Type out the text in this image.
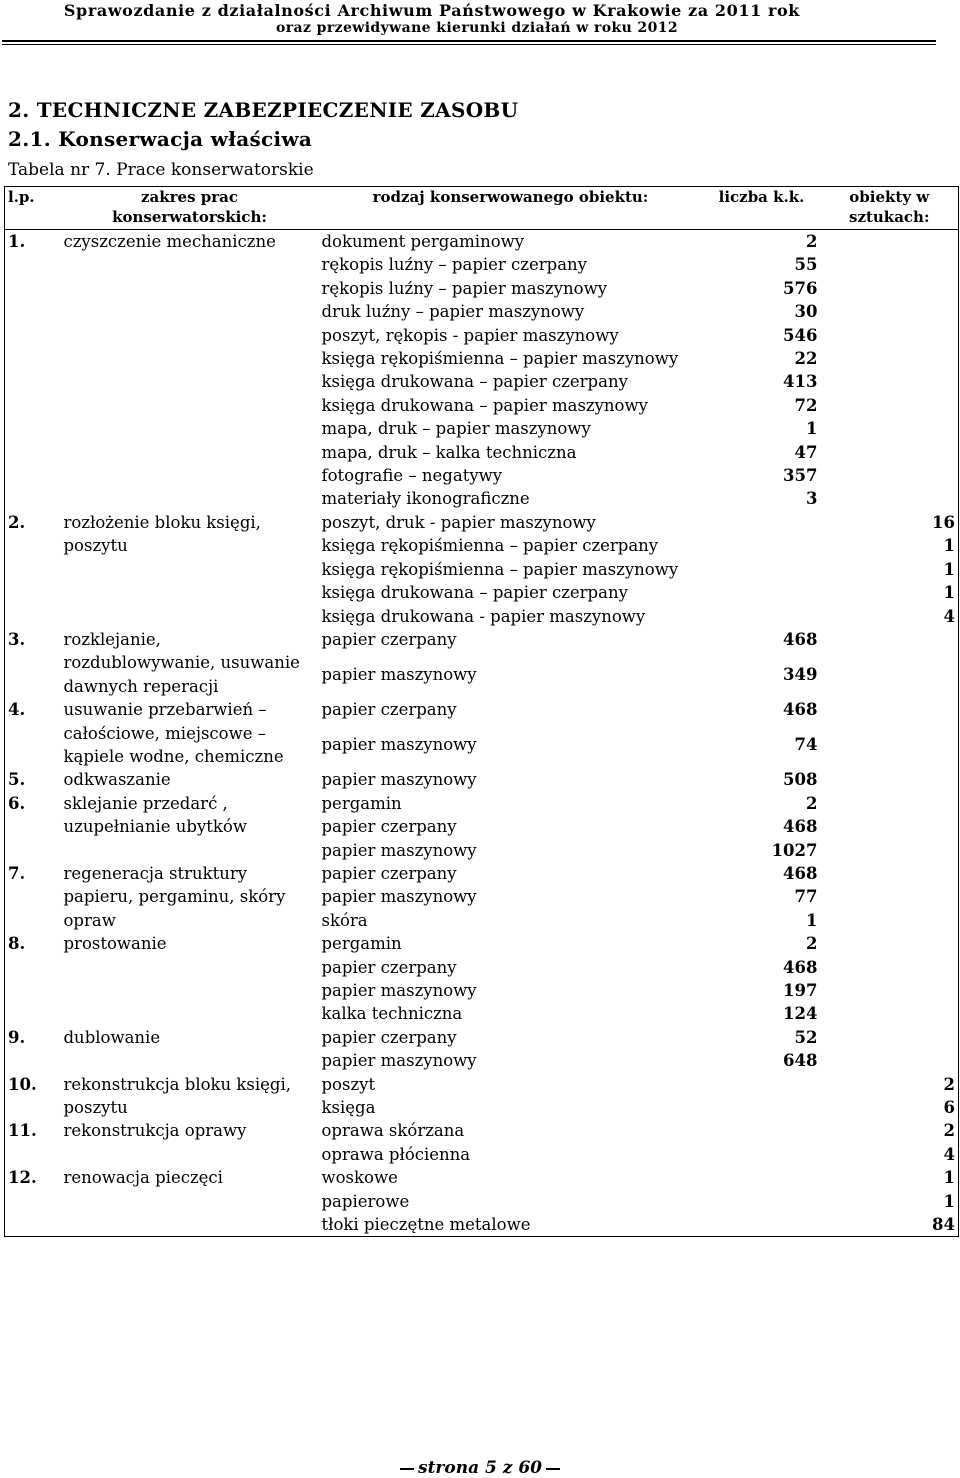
Sprawozdanie z działalności Archiwum Państwowego w Krakowie za 2011 rok
oraz przewidywane kierunki działań w roku 2012
2. TECHNICZNE ZABEZPIECZENIE ZASOBU
2.1. Konserwacja właściwa
Tabela nr 7. Prace konserwatorskie
l.p.	zakres prac konserwatorskich:	rodzaj konserwowanego obiektu:	liczba k.k.	obiekty w sztukach:
1.	czyszczenie mechaniczne	dokument pergaminowy	2	
		rękopis luźny – papier czerpany	55	
		rękopis luźny – papier maszynowy	576	
		druk luźny – papier maszynowy	30	
		poszyt, rękopis - papier maszynowy	546	
		księga rękopiśmienna – papier maszynowy	22	
		księga drukowana – papier czerpany	413	
		księga drukowana – papier maszynowy	72	
		mapa, druk – papier maszynowy	1	
		mapa, druk – kalka techniczna	47	
		fotografie – negatywy	357	
		materiały ikonograficzne	3	
2.	rozłożenie bloku księgi, poszytu	poszyt, druk - papier maszynowy		16
		księga rękopiśmienna – papier czerpany		1
		księga rękopiśmienna – papier maszynowy		1
		księga drukowana – papier czerpany		1
		księga drukowana - papier maszynowy		4
3.	rozklejanie, rozdublowywanie, usuwanie dawnych reperacji	papier czerpany	468	
		papier maszynowy	349	
4.	usuwanie przebarwień – całościowe, miejscowe – kąpiele wodne, chemiczne	papier czerpany	468	
		papier maszynowy	74	
5.	odkwaszanie	papier maszynowy	508	
6.	sklejanie przedarć , uzupełnianie ubytków	pergamin	2	
		papier czerpany	468	
		papier maszynowy	1027	
7.	regeneracja struktury papieru, pergaminu, skóry opraw	papier czerpany	468	
		papier maszynowy	77	
		skóra	1	
8.	prostowanie	pergamin	2	
		papier czerpany	468	
		papier maszynowy	197	
		kalka techniczna	124	
9.	dublowanie	papier czerpany	52	
		papier maszynowy	648	
10.	rekonstrukcja bloku księgi, poszytu	poszyt		2
		księga		6
11.	rekonstrukcja oprawy	oprawa skórzana		2
		oprawa płócienna		4
12.	renowacja pieczęci	woskowe		1
		papierowe		1
		tłoki pieczętne metalowe		84
strona 5 z 60
